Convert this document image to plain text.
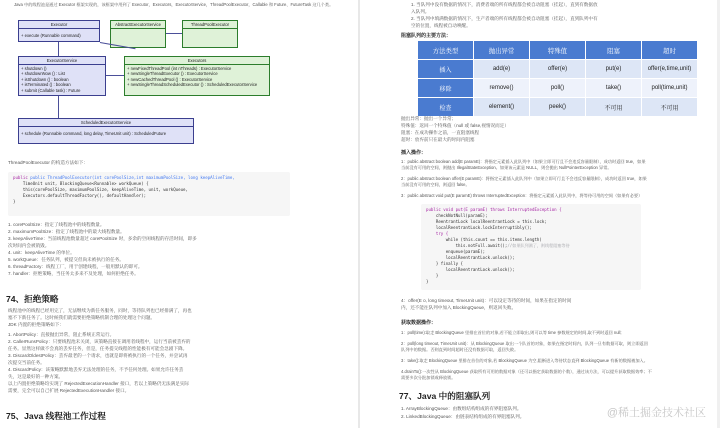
Java 中的线程池是通过 Executor 框架实现的，该框架中用到了 Executor，Executors，ExecutorService，ThreadPoolExecutor，Callable 和 Future、FutureTask 这几个类。
Executor
+ execute (Runnable command)
AbstractExecutorService	ThreadPoolExecutor
ExecutorService
+ shutdown ()
+ shutdownNow () : List
+ isShutdown () : boolean
+ isTerminated () : boolean
+ submit (Callable task) : Future
Executors
+ newFixedThreadPool (int nThreads) : ExecutorService
+ newSingleThreadExecutor () : ExecutorService
+ newCachedThreadPool () : ExecutorService
+ newSingleThreadScheduledExecutor () : ScheduledExecutorService
ScheduledExecutorService
+ schedule (Runnable command, long delay, TimeUnit unit) : ScheduledFuture
ThreadPoolExecutor 的构造方法如下：
public public ThreadPoolExecutor(int corePoolSize,int maximumPoolSize, long keepAliveTime,
TimeUnit unit, BlockingQueue<Runnable> workQueue) {
this(corePoolSize, maximumPoolSize, keepAliveTime, unit, workQueue,
Executors.defaultThreadFactory(), defaultHandler);
}
1. corePoolSize：指定了线程池中的线程数量。
2. maximumPoolSize：指定了线程池中的最大线程数量。
3. keepAliveTime：当前线程池数量超过 corePoolSize 时，多余的空闲线程的存活时间，即多
次时间内会被销毁。
4. unit：keepAliveTime 的单位。
5. workQueue：任务队列，被提交但尚未被执行的任务。
6. threadFactory：线程工厂，用于创建线程，一般用默认的即可。
7. handler：拒绝策略，当任务太多来不及处理，如何拒绝任务。
74、拒绝策略
线程池中的线程已经用完了，无法继续为新任务服务，同时，等待队列也已经排满了，再也
塞不下新任务了。这时候我们就需要拒绝策略机制合理的处理这个问题。
JDK 内置的拒绝策略如下：
1. AbortPolicy：直接抛出异常，阻止系统正常运行。
2. CallerRunsPolicy：只要线程池未关闭，该策略直接在调用者线程中，运行当前被丢弃的
任务。显然这样做不会真的丢弃任务，但是，任务提交线程的性能极有可能会急剧下降。
3. DiscardOldestPolicy：丢弃最老的一个请求，也就是即将被执行的一个任务，并尝试再
次提交当前任务。
4. DiscardPolicy：该策略默默地丢弃无法处理的任务，不予任何处理。如果允许任务丢
失，这是最好的一种方案。
以上内置拒绝策略均实现了 RejectedExecutionHandler 接口，若以上策略仍无法满足实际
需要，完全可以自己扩展 RejectedExecutionHandler 接口。
75、Java 线程池工作过程
1. 当队列中没有数据的情况下，消费者端的所有线程都会被自动阻塞（挂起），直到有数据放
入队列。
2. 当队列中填满数据的情况下，生产者端的所有线程都会被自动阻塞（挂起），直到队列中有
空的位置，线程被自动唤醒。
阻塞队列的主要方法：
方法类型	抛出异常	特殊值	阻塞	超时
插入	add(e)	offer(e)	put(e)	offer(e,time,unit)
移除	remove()	poll()	take()	poll(time,unit)
检查	element()	peek()	不可用	不可用
抛出异常：抛出一个异常；
特殊值：返回一个特殊值（null 或 false,视情况而定）
阻塞：在成功操作之前，一直阻塞线程
超时：放弃前只在最大的时间内阻塞
插入操作：
1：public abstract boolean add(E paramE)：将指定元素插入此队列中（如果立即可行且不会违反容量限制），成功时返回 true，如果
当前没有可用的空间，则抛出 IllegalStateException。如果该元素是 NULL，则会抛出 NullPointerException 异常。
2：public abstract boolean offer(E paramE)：将指定元素插入此队列中（如果立即可行且不会违反容量限制），成功时返回 true，如果
当前没有可用的空间，则返回 false。
3：public abstract void put(E paramE) throws InterruptedException：将指定元素插入此队列中，将等待可用的空间（如果有必要）
public void put(E paramE) throws InterruptedException {
checkNotNull(paramE);
ReentrantLock localReentrantLock = this.lock;
localReentrantLock.lockInterruptibly();
try {
while (this.count == this.items.length)
this.notFull.await();//如果队列满了，则线程阻塞等待
enqueue(paramE);
localReentrantLock.unlock();
} finally {
localReentrantLock.unlock();
}
}
4：offer(E o, long timeout, TimeUnit unit)：可以设定等待的时间，如果在指定的时间
内，还不能往队列中加入 BlockingQueue，则返回失败。
获取数据操作：
1：poll(time):取走 BlockingQueue 里排在首位的对象,若不能立即取出,则可以等 time 参数规定的时间,取不到时返回 null;
2：poll(long timeout, TimeUnit unit)：从 BlockingQueue 取出一个队首的对象，如果在指定时间内，队列一旦有数据可取，则立即返回
队列中的数据。否则直到时间超时还没有数据可取，返回失败。
3：take():取走 BlockingQueue 里排在首位的对象,若 BlockingQueue 为空,阻断进入等待状态直到 BlockingQueue 有新的数据被加入。
4.drainTo():一次性从 BlockingQueue 获取所有可用的数据对象（还可以指定获取数据的个数），通过该方法，可以提升获取数据效率；不
需要多次分批加锁或释放锁。
77、Java 中的阻塞队列
1. ArrayBlockingQueue：由数组结构组成的有界阻塞队列。
2. LinkedBlockingQueue：由链表结构组成的有界阻塞队列。	@稀土掘金技术社区
